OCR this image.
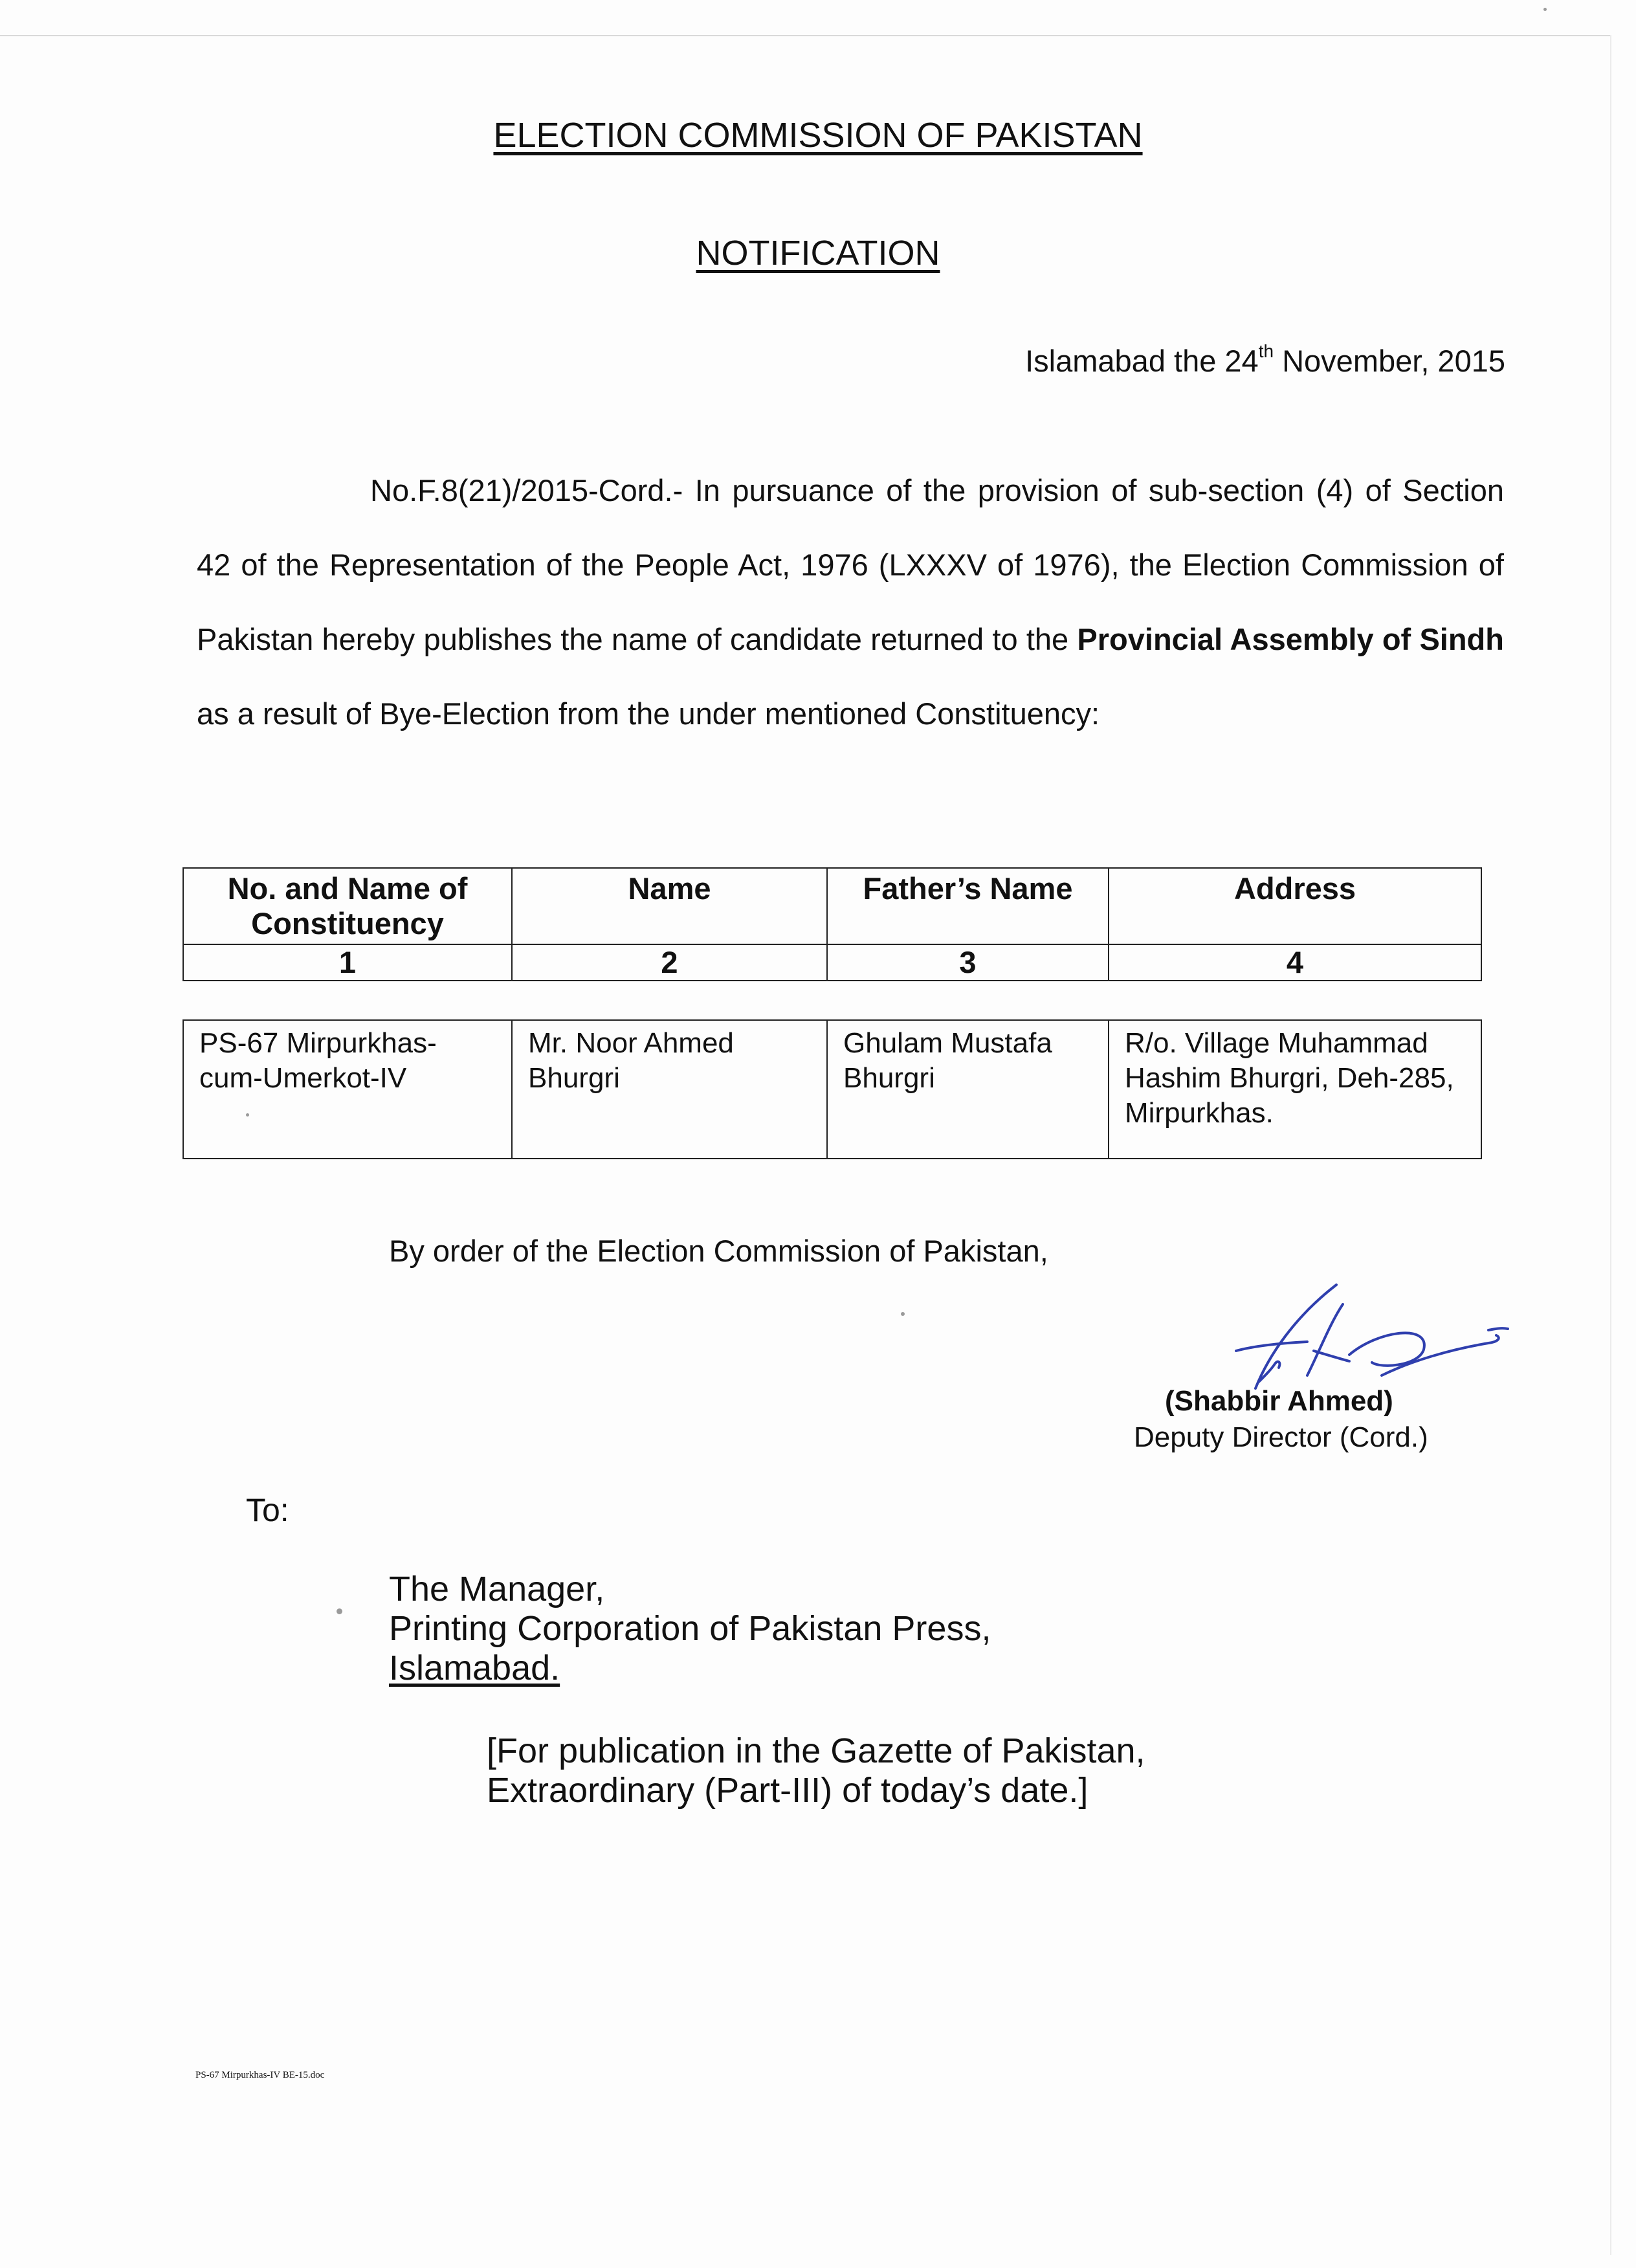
ELECTION COMMISSION OF PAKISTAN
NOTIFICATION
Islamabad the 24th November, 2015
No.F.8(21)/2015-Cord.- In pursuance of the provision of sub-section (4) of Section 42 of the Representation of the People Act, 1976 (LXXXV of 1976), the Election Commission of Pakistan hereby publishes the name of candidate returned to the Provincial Assembly of Sindh as a result of Bye-Election from the under mentioned Constituency:
No. and Name of Constituency	Name	Father’s Name	Address
1	2	3	4
PS-67 Mirpurkhas-cum-Umerkot-IV	Mr. Noor Ahmed Bhurgri	Ghulam Mustafa Bhurgri	R/o. Village Muhammad Hashim Bhurgri, Deh-285, Mirpurkhas.
By order of the Election Commission of Pakistan,
(Shabbir Ahmed)
Deputy Director (Cord.)
To:
The Manager,
Printing Corporation of Pakistan Press,
Islamabad.
[For publication in the Gazette of Pakistan,
Extraordinary (Part-III) of today’s date.]
PS-67 Mirpurkhas-IV BE-15.doc
